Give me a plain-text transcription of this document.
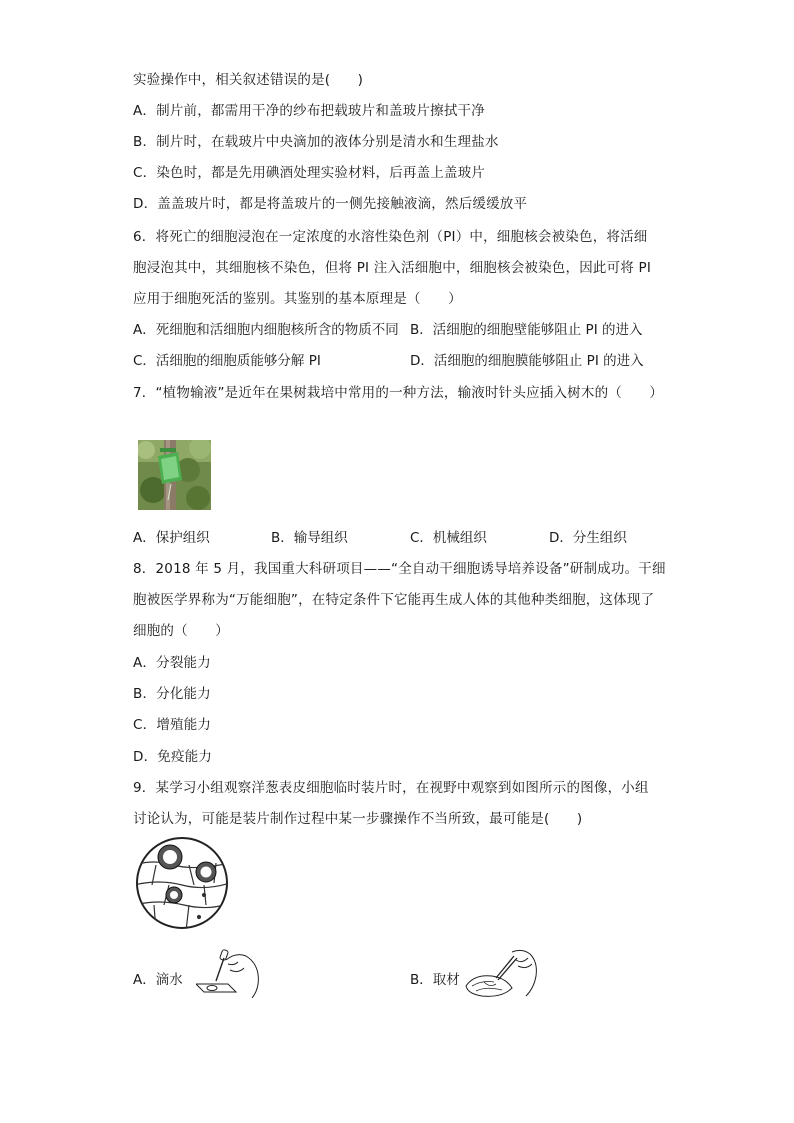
实验操作中，相关叙述错误的是(　　)
A．制片前，都需用干净的纱布把载玻片和盖玻片擦拭干净
B．制片时，在载玻片中央滴加的液体分别是清水和生理盐水
C．染色时，都是先用碘酒处理实验材料，后再盖上盖玻片
D．盖盖玻片时，都是将盖玻片的一侧先接触液滴，然后缓缓放平
6．将死亡的细胞浸泡在一定浓度的水溶性染色剂（PI）中，细胞核会被染色，将活细
胞浸泡其中，其细胞核不染色，但将 PI 注入活细胞中，细胞核会被染色，因此可将 PI
应用于细胞死活的鉴别。其鉴别的基本原理是（　　）
A．死细胞和活细胞内细胞核所含的物质不同 B．活细胞的细胞壁能够阻止 PI 的进入
C．活细胞的细胞质能够分解 PI	D．活细胞的细胞膜能够阻止 PI 的进入
7．“植物输液”是近年在果树栽培中常用的一种方法，输液时针头应插入树木的（　　）
A．保护组织	B．输导组织	C．机械组织	D．分生组织
8．2018 年 5 月，我国重大科研项目——“全自动干细胞诱导培养设备”研制成功。干细
胞被医学界称为“万能细胞”，在特定条件下它能再生成人体的其他种类细胞，这体现了
细胞的（　　）
A．分裂能力
B．分化能力
C．增殖能力
D．免疫能力
9．某学习小组观察洋葱表皮细胞临时装片时，在视野中观察到如图所示的图像，小组
讨论认为，可能是装片制作过程中某一步骤操作不当所致，最可能是(　　)
A．滴水	B．取材
